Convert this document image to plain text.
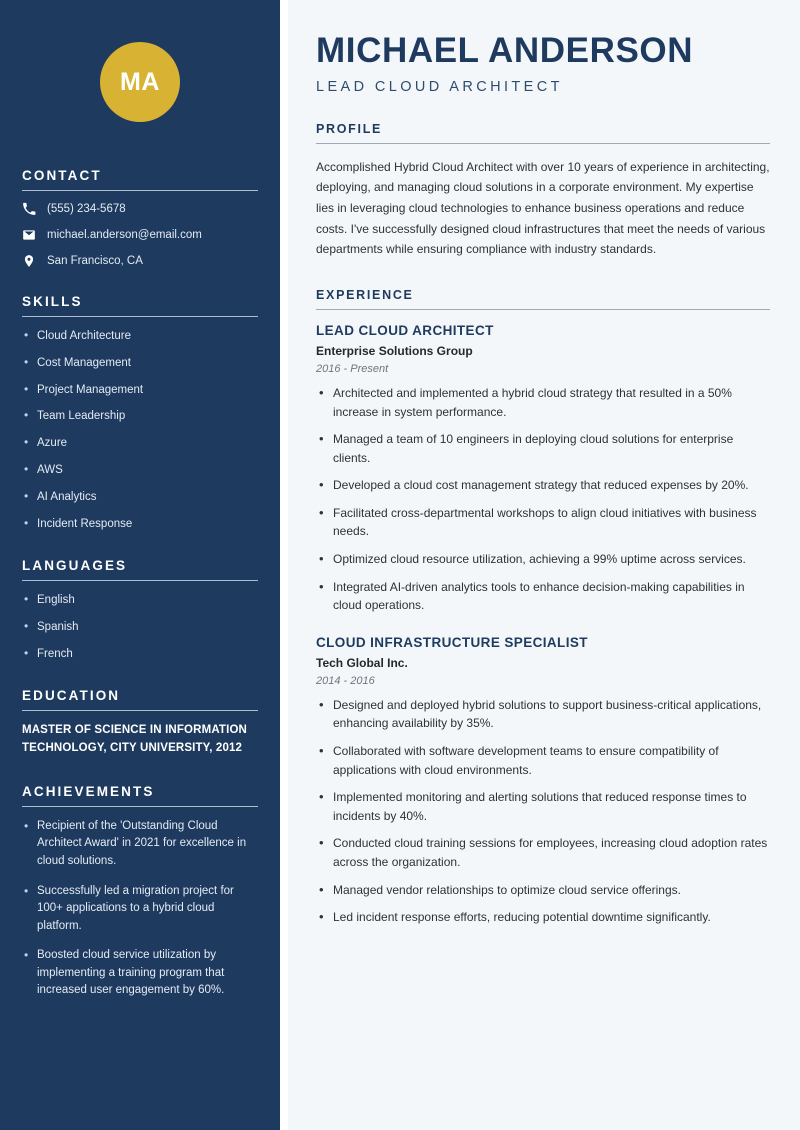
MA
CONTACT
(555) 234-5678
michael.anderson@email.com
San Francisco, CA
SKILLS
• Cloud Architecture
• Cost Management
• Project Management
• Team Leadership
• Azure
• AWS
• AI Analytics
• Incident Response
LANGUAGES
• English
• Spanish
• French
EDUCATION
MASTER OF SCIENCE IN INFORMATION TECHNOLOGY, CITY UNIVERSITY, 2012
ACHIEVEMENTS
• Recipient of the 'Outstanding Cloud Architect Award' in 2021 for excellence in cloud solutions.
• Successfully led a migration project for 100+ applications to a hybrid cloud platform.
• Boosted cloud service utilization by implementing a training program that increased user engagement by 60%.
MICHAEL ANDERSON
LEAD CLOUD ARCHITECT
PROFILE

Accomplished Hybrid Cloud Architect with over 10 years of experience in architecting, deploying, and managing cloud solutions in a corporate environment. My expertise lies in leveraging cloud technologies to enhance business operations and reduce costs. I've successfully designed cloud infrastructures that meet the needs of various departments while ensuring compliance with industry standards.

EXPERIENCE
LEAD CLOUD ARCHITECT
Enterprise Solutions Group
2016 - Present
• Architected and implemented a hybrid cloud strategy that resulted in a 50% increase in system performance.
• Managed a team of 10 engineers in deploying cloud solutions for enterprise clients.
• Developed a cloud cost management strategy that reduced expenses by 20%.
• Facilitated cross-departmental workshops to align cloud initiatives with business needs.
• Optimized cloud resource utilization, achieving a 99% uptime across services.
• Integrated AI-driven analytics tools to enhance decision-making capabilities in cloud operations.
CLOUD INFRASTRUCTURE SPECIALIST
Tech Global Inc.
2014 - 2016
• Designed and deployed hybrid solutions to support business-critical applications, enhancing availability by 35%.
• Collaborated with software development teams to ensure compatibility of applications with cloud environments.
• Implemented monitoring and alerting solutions that reduced response times to incidents by 40%.
• Conducted cloud training sessions for employees, increasing cloud adoption rates across the organization.
• Managed vendor relationships to optimize cloud service offerings.
• Led incident response efforts, reducing potential downtime significantly.
